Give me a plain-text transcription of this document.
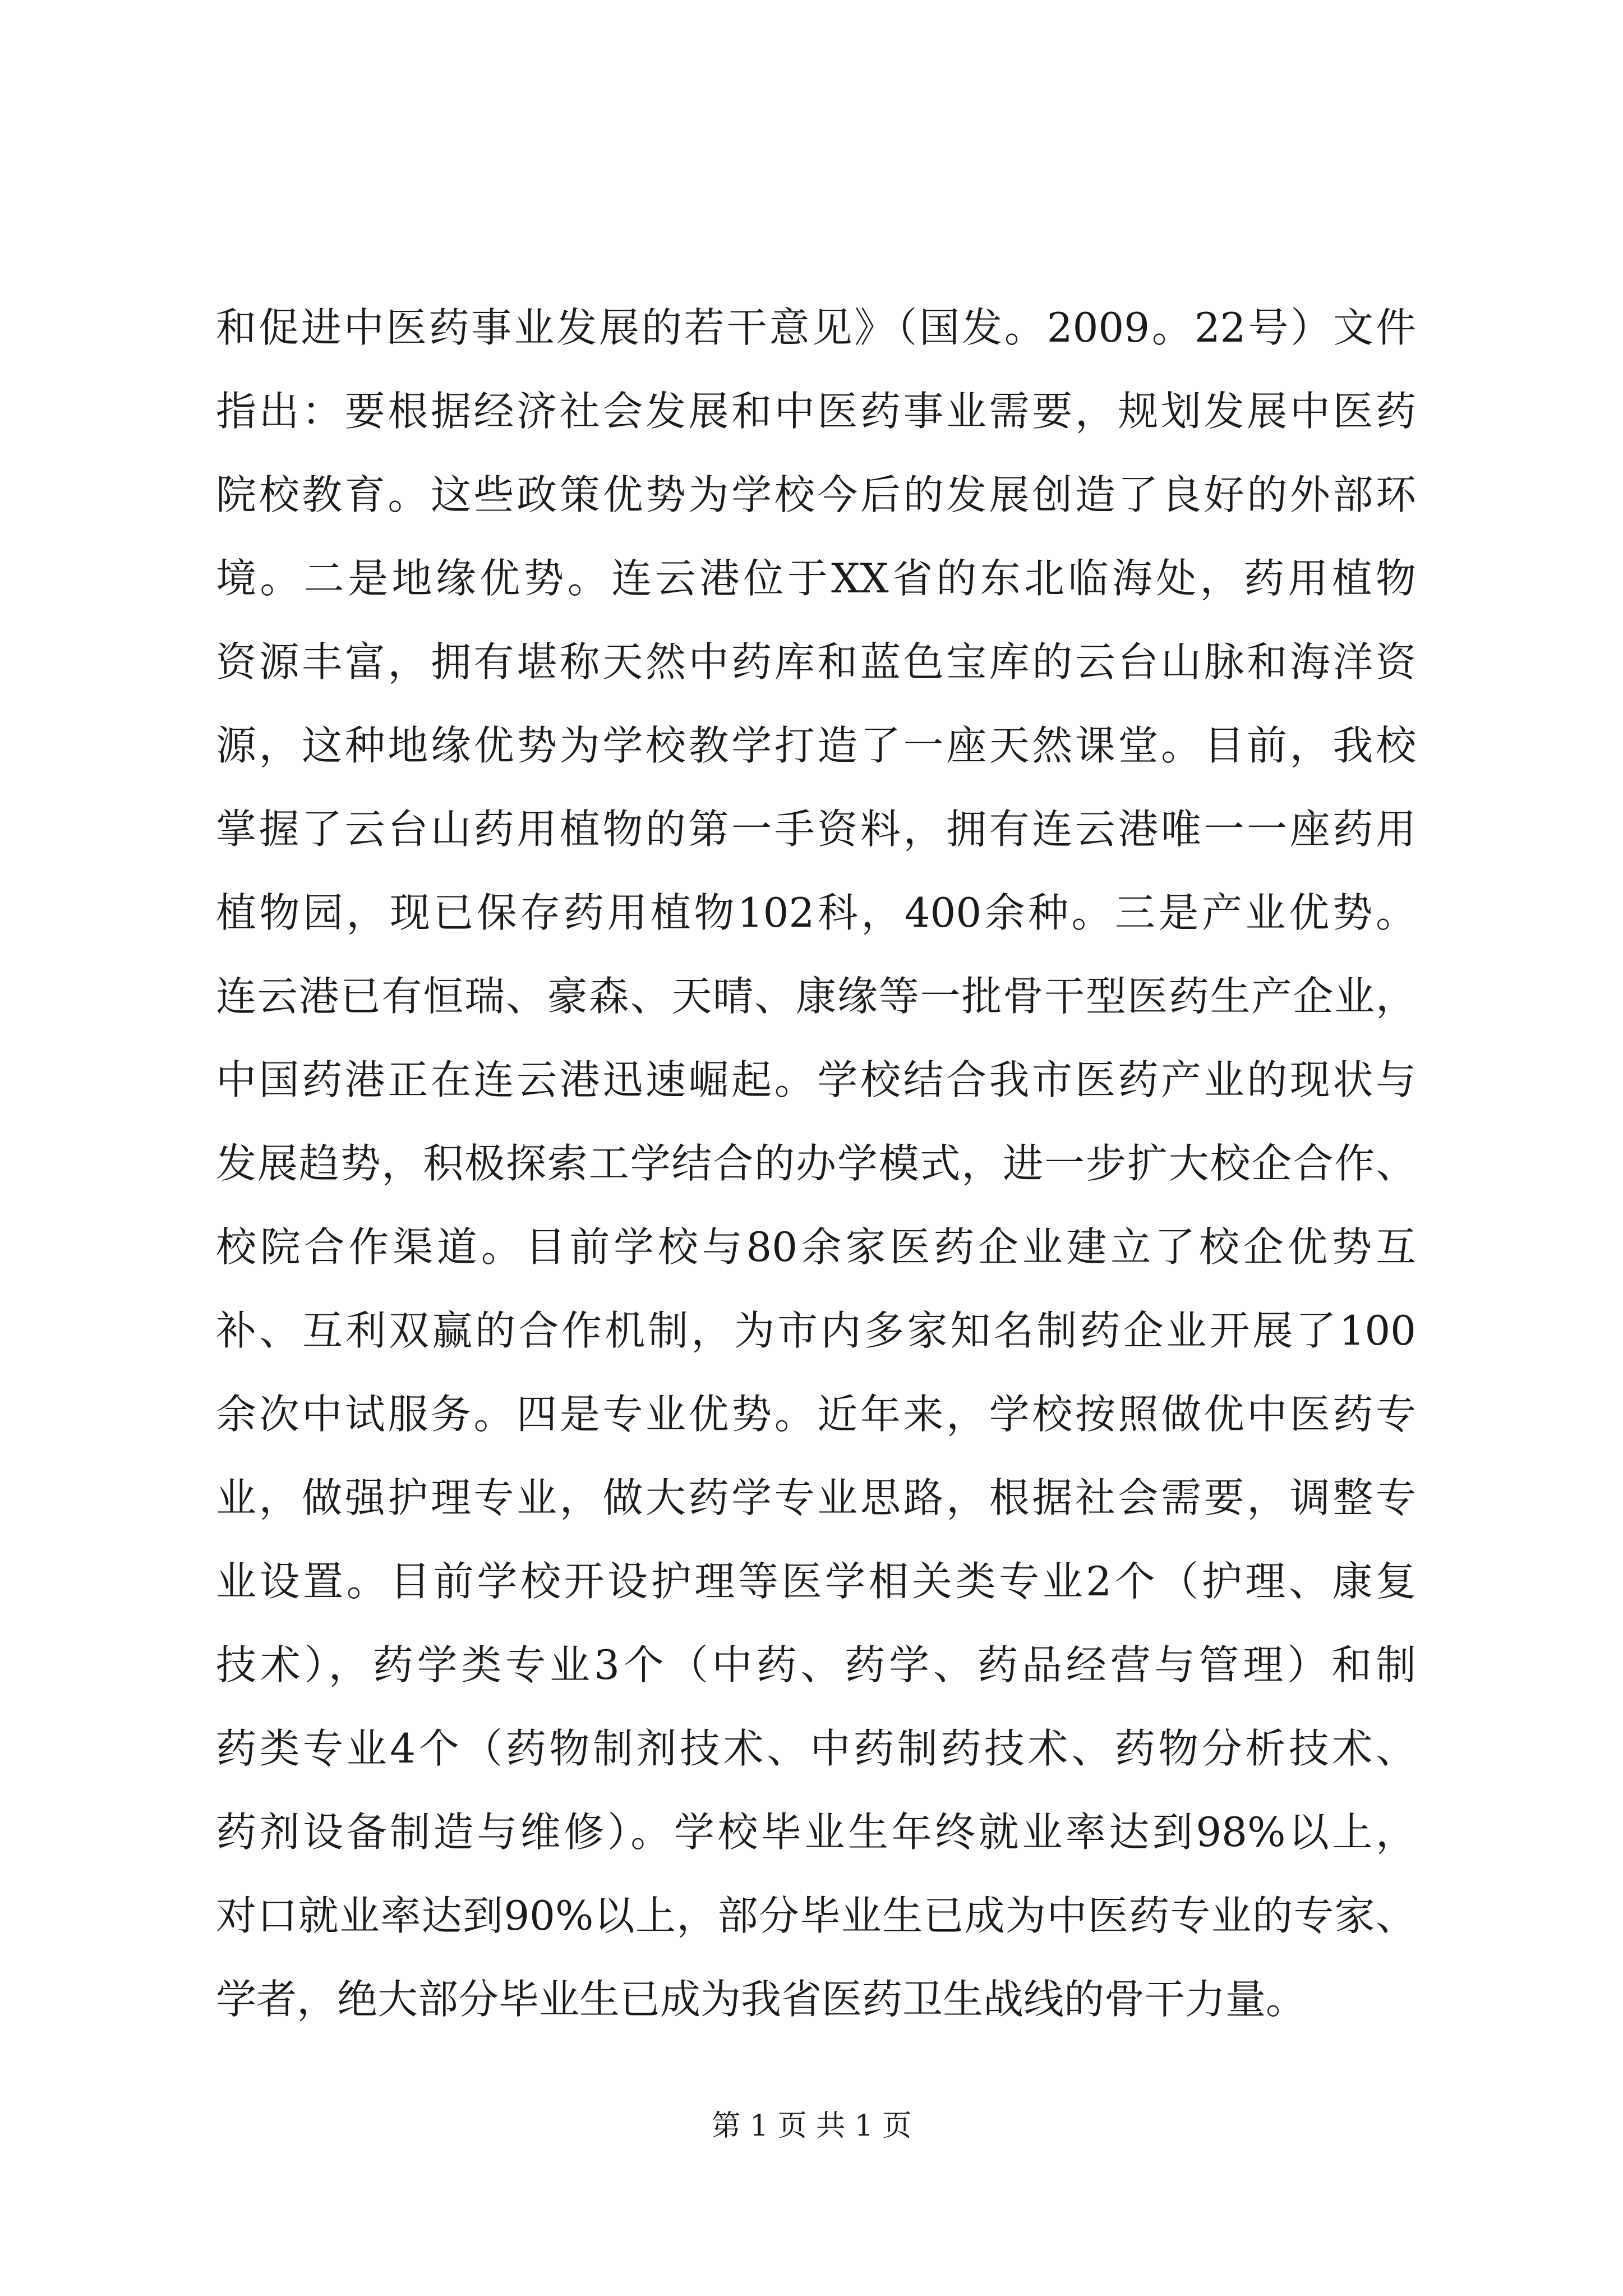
和促进中医药事业发展的若干意见》（国发。2009。22号）文件
指出：要根据经济社会发展和中医药事业需要，规划发展中医药
院校教育。这些政策优势为学校今后的发展创造了良好的外部环
境。二是地缘优势。连云港位于XX省的东北临海处，药用植物
资源丰富，拥有堪称天然中药库和蓝色宝库的云台山脉和海洋资
源，这种地缘优势为学校教学打造了一座天然课堂。目前，我校
掌握了云台山药用植物的第一手资料，拥有连云港唯一一座药用
植物园，现已保存药用植物102科，400余种。三是产业优势。
连云港已有恒瑞、豪森、天晴、康缘等一批骨干型医药生产企业，
中国药港正在连云港迅速崛起。学校结合我市医药产业的现状与
发展趋势，积极探索工学结合的办学模式，进一步扩大校企合作、
校院合作渠道。目前学校与80余家医药企业建立了校企优势互
补、互利双赢的合作机制，为市内多家知名制药企业开展了100
余次中试服务。四是专业优势。近年来，学校按照做优中医药专
业，做强护理专业，做大药学专业思路，根据社会需要，调整专
业设置。目前学校开设护理等医学相关类专业2个（护理、康复
技术），药学类专业3个（中药、药学、药品经营与管理）和制
药类专业4个（药物制剂技术、中药制药技术、药物分析技术、
药剂设备制造与维修）。学校毕业生年终就业率达到98%以上，
对口就业率达到90%以上，部分毕业生已成为中医药专业的专家、
学者，绝大部分毕业生已成为我省医药卫生战线的骨干力量。
第 1 页 共 1 页
